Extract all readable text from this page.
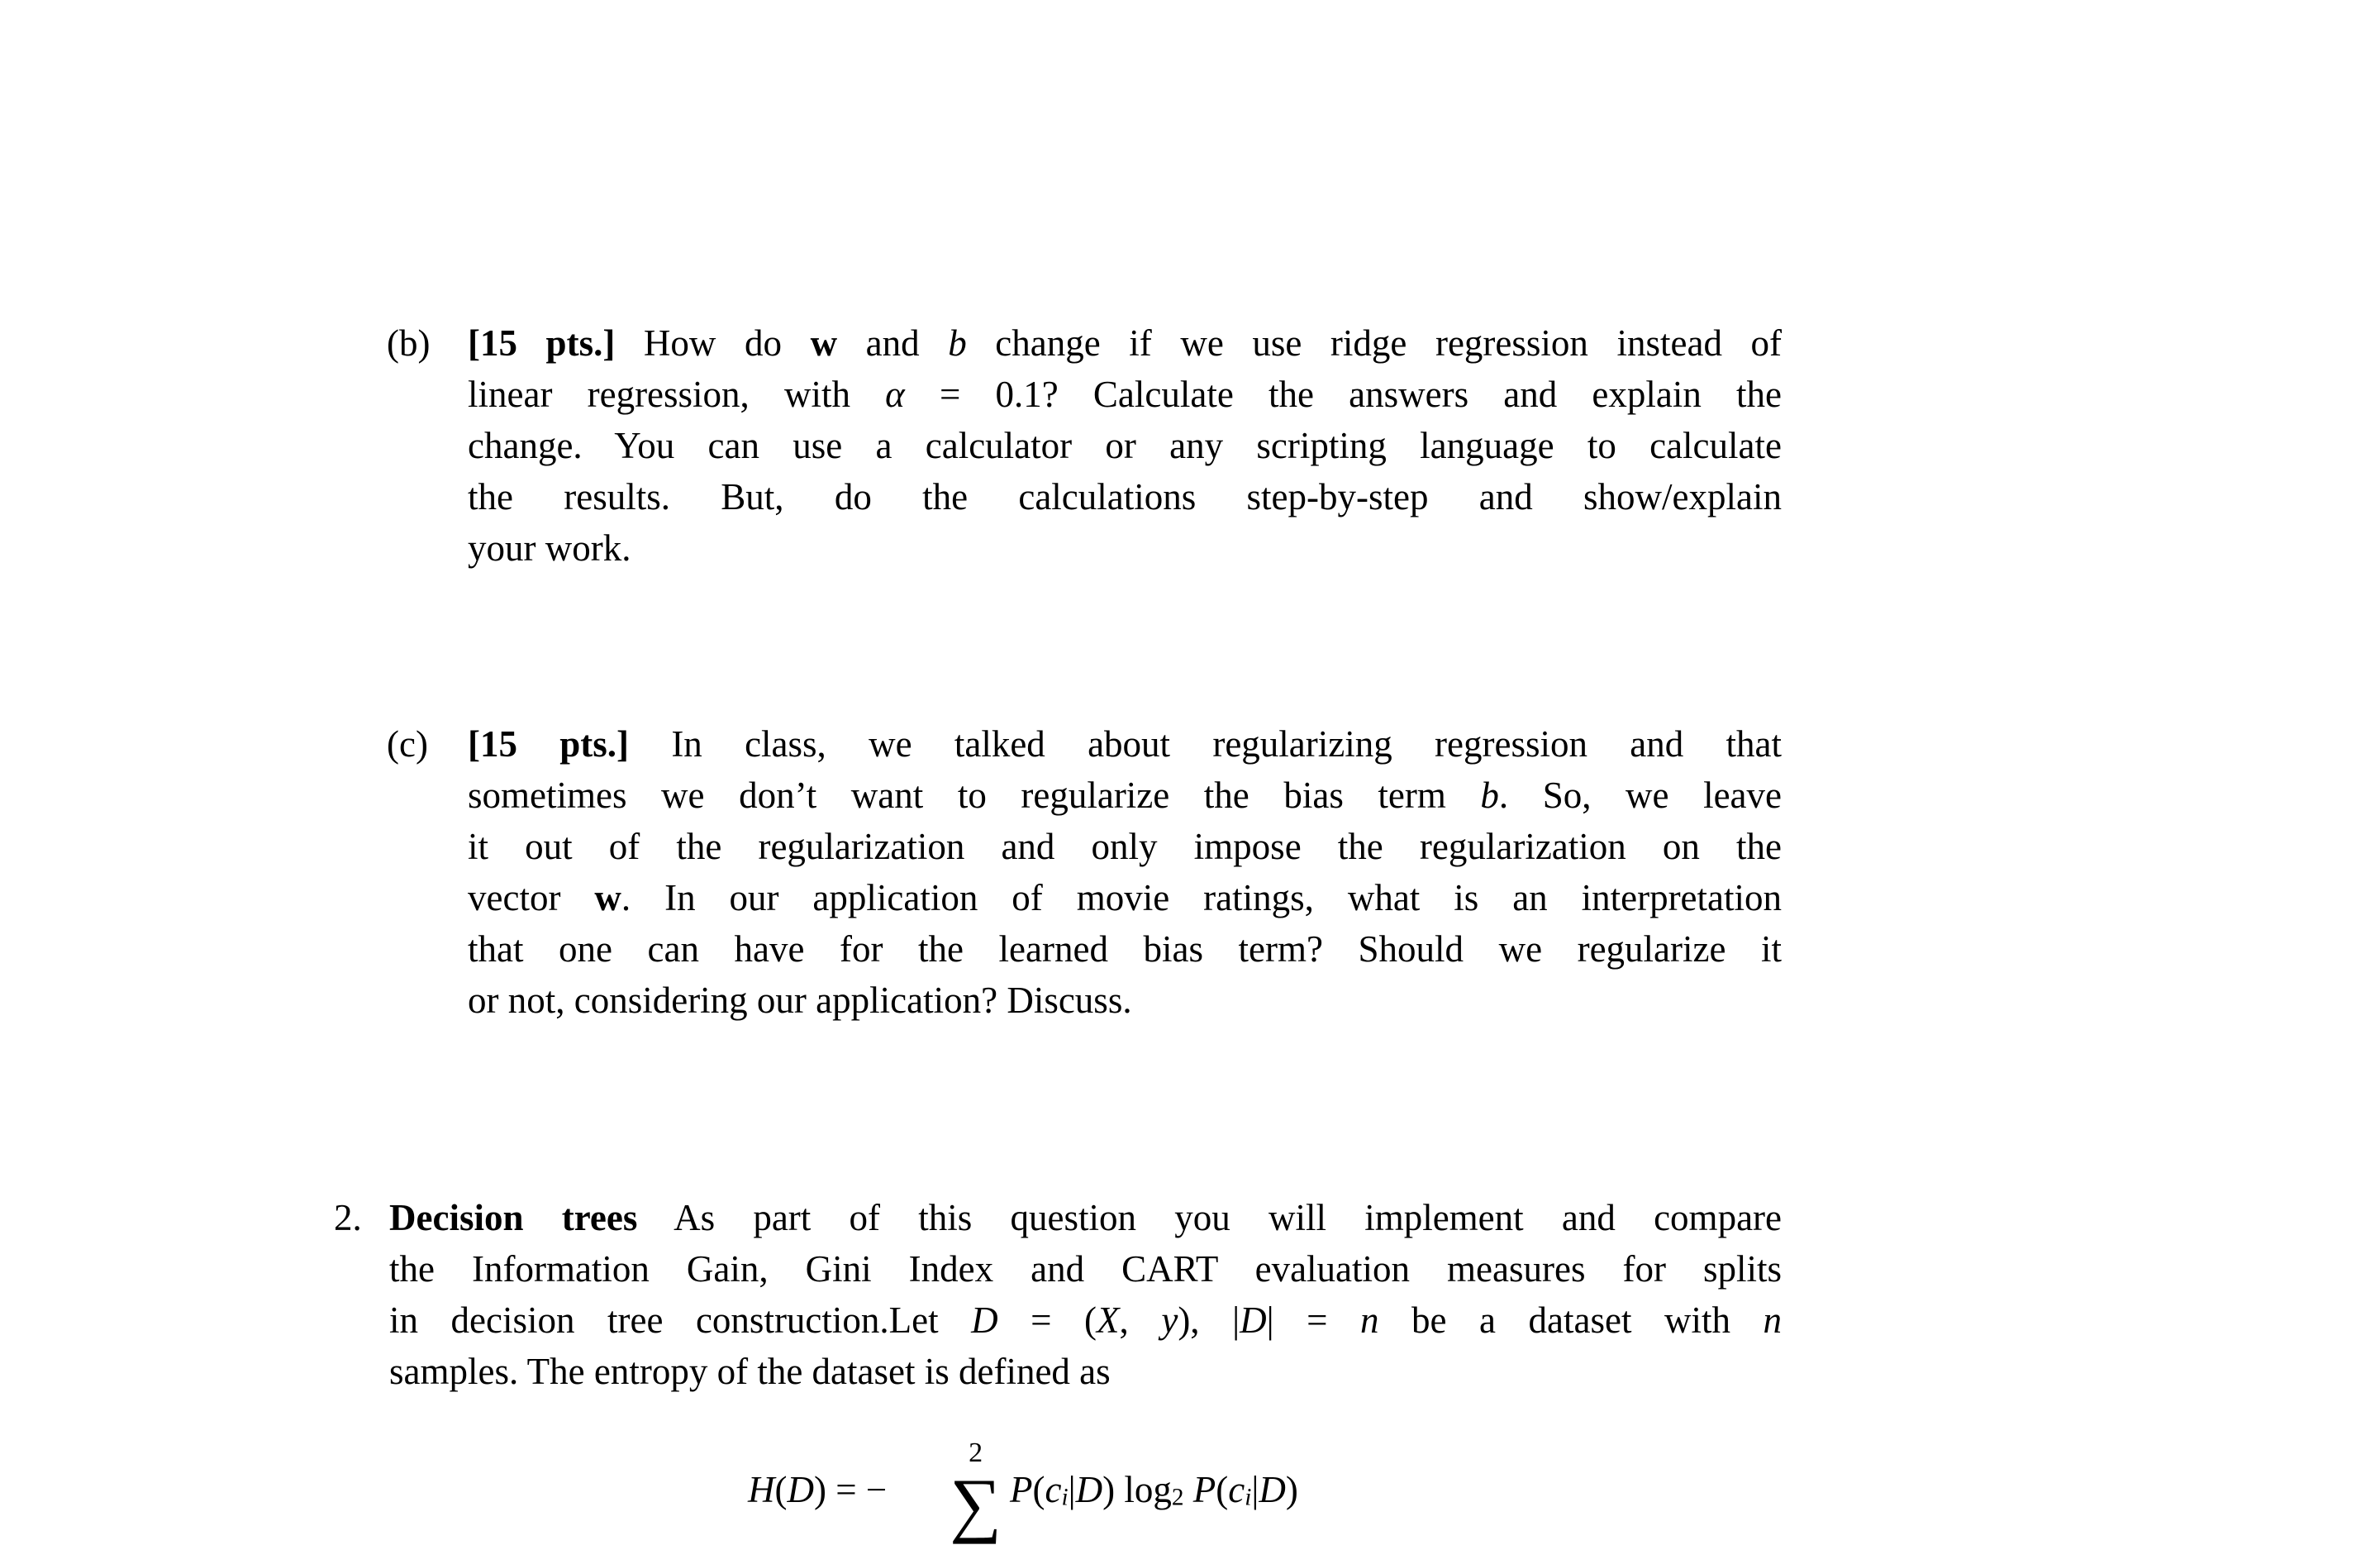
(b) [15 pts.] How do w and b change if we use ridge regression instead of
linear regression, with α = 0.1? Calculate the answers and explain the
change. You can use a calculator or any scripting language to calculate
the results. But, do the calculations step-by-step and show/explain
your work.
(c) [15 pts.] In class, we talked about regularizing regression and that
sometimes we don’t want to regularize the bias term b. So, we leave
it out of the regularization and only impose the regularization on the
vector w. In our application of movie ratings, what is an interpretation
that one can have for the learned bias term? Should we regularize it
or not, considering our application? Discuss.
2. Decision trees As part of this question you will implement and compare
the Information Gain, Gini Index and CART evaluation measures for splits
in decision tree construction.Let D = (X, y), |D| = n be a dataset with n
samples. The entropy of the dataset is defined as
H(D) = −
2
∑ P(ci|D) log2 P(ci|D)
